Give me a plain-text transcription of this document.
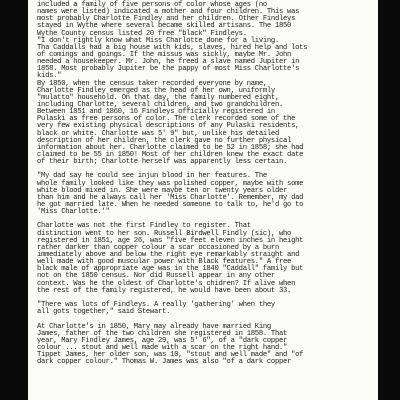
included a family of five persons of color whose ages (no
names were listed) indicated a mother and four children. This was
most probably Charlotte Findley and her children. Other Findleys
stayed in Wythe where several became skilled artisans. The 1850
Wythe County census listed 20 free "black" Findleys.
"I don't rightly know what Miss Charlotte done for a living.
Tha Caddalls had a big house with kids, slaves, hired help and lots
of comings and goings. If the missus was sickly, maybe Mr. John
needed a housekeeper. Mr. John, he freed a slave named Jupiter in
1858. Most probably Jupiter be the pappy of most Miss Charlotte's
kids."
By 1850, when the census taker recorded everyone by name,
Charlotte Findley emerged as the head of her own, uniformly
"mulatto" household. On that day, the family numbered eight,
including Charlotte, several children, and two grandchildren.
Between 1851 and 1860, 16 Findleys officially registered in
Pulaski as free persons of color. The clerk recorded some of the
very few existing physical descriptions of any Pulaski residents,
black or white. Charlotte was 5' 9" but, unlike his detailed
description of her children, the clerk gave no further physical
information about her. Charlotte claimed to be 52 in 1858; she had
claimed to be 55 in 1850! Most of her children knew the exact date
of their birth; Charlotte herself was apparently less certain.
"My dad say he could see injun blood in her features. The
whole family looked like they was polished copper, maybe with some
white blood mixed in. She were maybe ten or twenty years older
than him and he always call her 'Miss Charlotte'. Remember, my dad
he got married late. When he needed someone to talk to, he'd go to
'Miss Charlotte.'"
Charlotte was not the first Findley to register. That
distinction went to her son. Russell Birdwell Findly (sic), who
registered in 1851, age 26, was "five feet eleven inches in height
rather darker than copper colour a scar occasioned by a burn
immediately above and below the right eye remarkably straight and
well made with good muscular power with Black features." A free
black male of appropriate age was in the 1840 "Caddall" family but
not on the 1850 census. Nor did Russell appear in any other
context. Was he the oldest of Charlotte's chidren? If alive when
the rest of the family registered, he would have been about 33.
"There was lots of Findleys. A really 'gathering' when they
all gots together," said Stewart.
At Charlotte's in 1850, Mary may already have married King
James, father of the two children she registered in 1858. That
year, Mary Findley James, age 29, was 5' 6", of a "dark copper
colour ... stout and well made with a scar on the right hand."
Tippet James, her older son, was 10, "stout and well made" and "of
dark copper colour." Thomas W. James was also "of a dark copper
